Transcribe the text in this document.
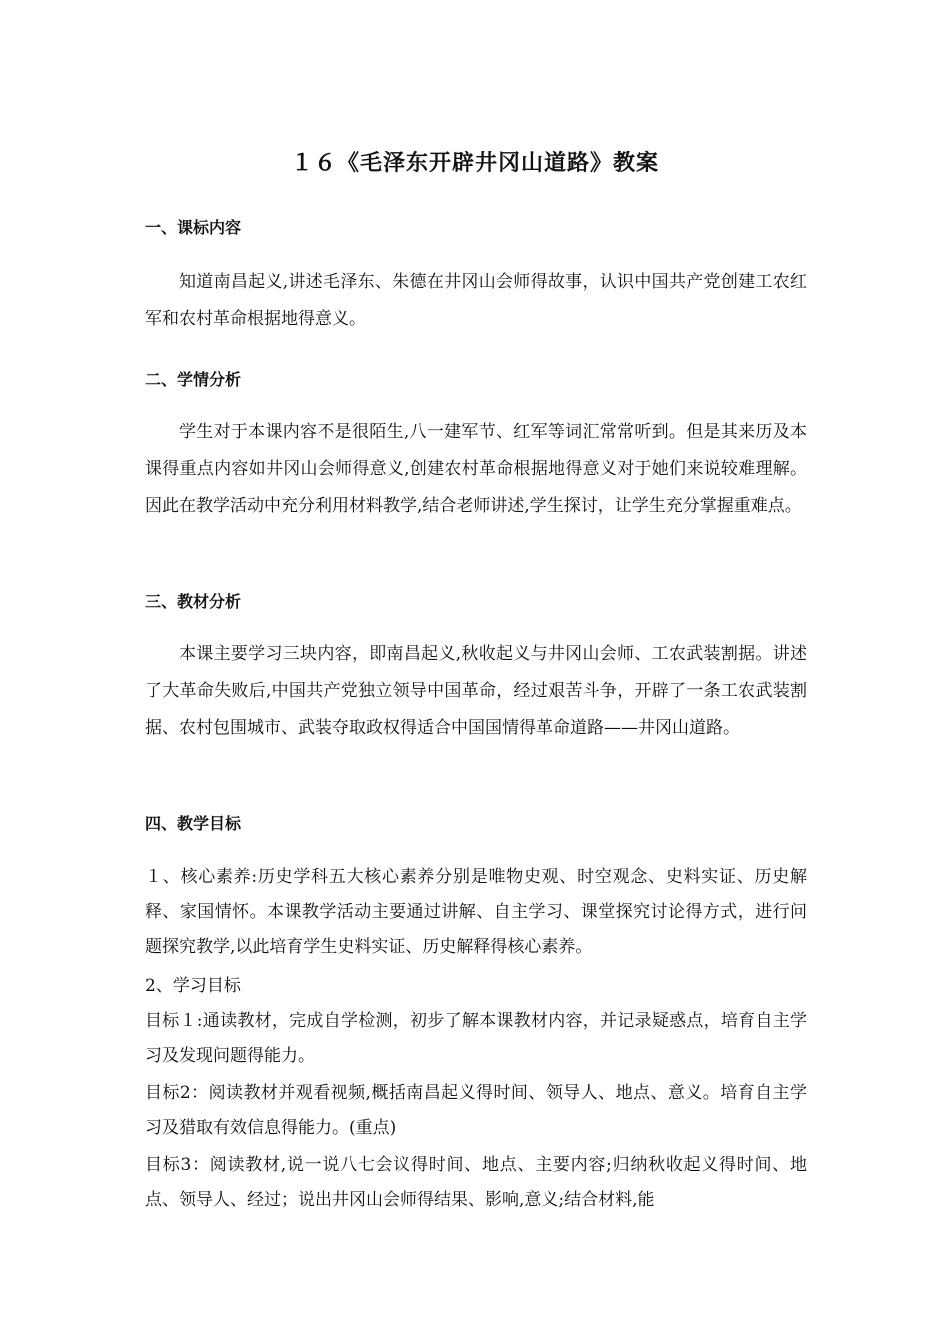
１６《毛泽东开辟井冈山道路》教案
一、课标内容

知道南昌起义,讲述毛泽东、朱德在井冈山会师得故事，认识中国共产党创建工农红军和农村革命根据地得意义。

二、学情分析

学生对于本课内容不是很陌生,八一建军节、红军等词汇常常听到。但是其来历及本课得重点内容如井冈山会师得意义,创建农村革命根据地得意义对于她们来说较难理解。因此在教学活动中充分利用材料教学,结合老师讲述,学生探讨，让学生充分掌握重难点。

三、教材分析

本课主要学习三块内容，即南昌起义,秋收起义与井冈山会师、工农武装割据。讲述了大革命失败后,中国共产党独立领导中国革命，经过艰苦斗争，开辟了一条工农武装割据、农村包围城市、武装夺取政权得适合中国国情得革命道路——井冈山道路。

四、教学目标

１、核心素养:历史学科五大核心素养分别是唯物史观、时空观念、史料实证、历史解释、家国情怀。本课教学活动主要通过讲解、自主学习、课堂探究讨论得方式，进行问题探究教学,以此培育学生史料实证、历史解释得核心素养。

2、学习目标

目标１:通读教材，完成自学检测，初步了解本课教材内容，并记录疑惑点，培育自主学习及发现问题得能力。

目标2：阅读教材并观看视频,概括南昌起义得时间、领导人、地点、意义。培育自主学习及猎取有效信息得能力。(重点)

目标3：阅读教材,说一说八七会议得时间、地点、主要内容;归纳秋收起义得时间、地点、领导人、经过；说出井冈山会师得结果、影响,意义;结合材料,能
